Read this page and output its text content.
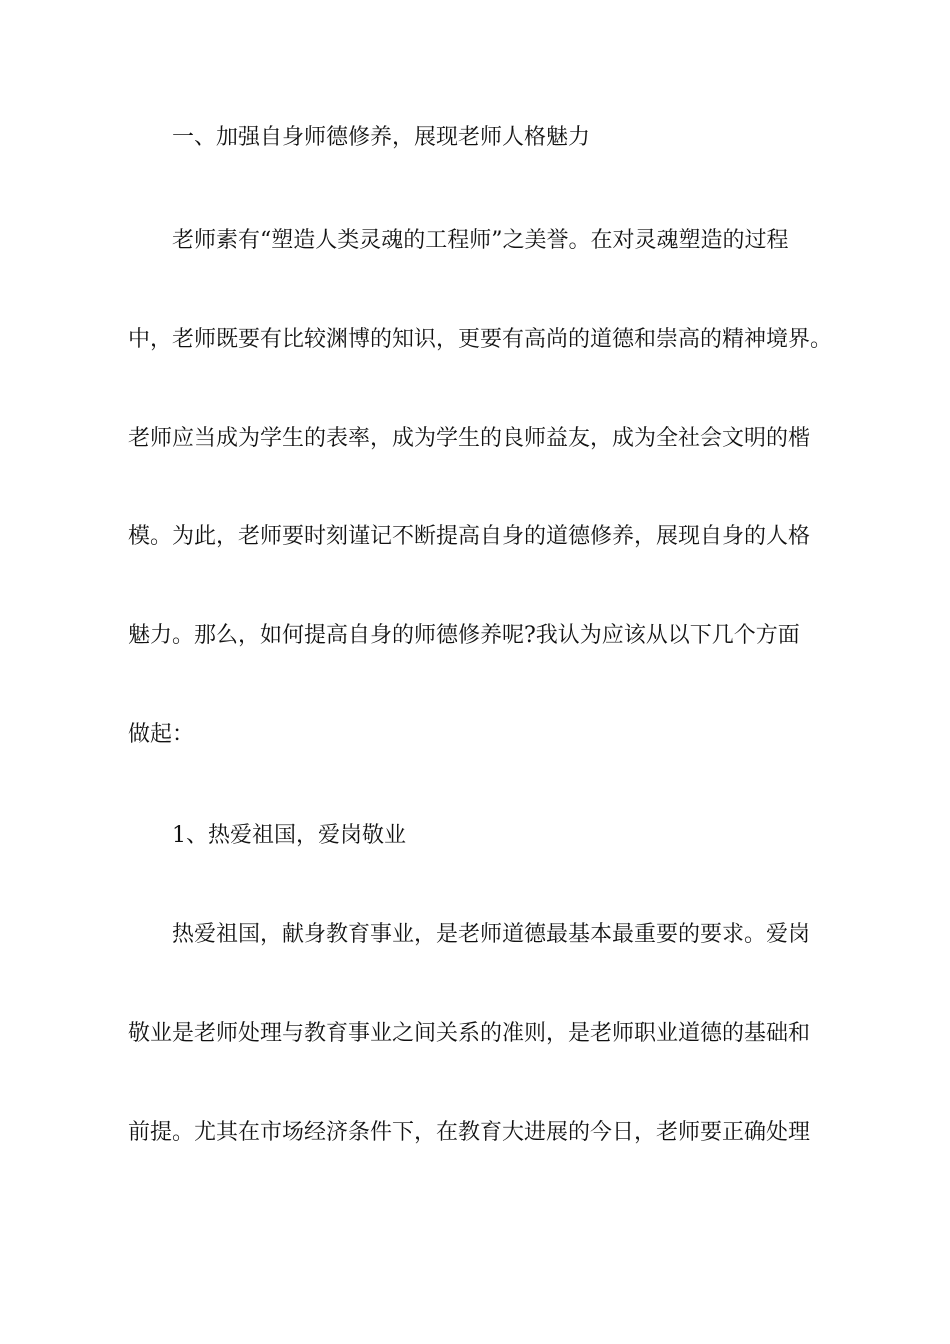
一、加强自身师德修养，展现老师人格魅力
老师素有“塑造人类灵魂的工程师”之美誉。在对灵魂塑造的过程
中，老师既要有比较渊博的知识，更要有高尚的道德和崇高的精神境界。
老师应当成为学生的表率，成为学生的良师益友，成为全社会文明的楷
模。为此，老师要时刻谨记不断提高自身的道德修养，展现自身的人格
魅力。那么，如何提高自身的师德修养呢?我认为应该从以下几个方面
做起：
1、热爱祖国，爱岗敬业
热爱祖国，献身教育事业，是老师道德最基本最重要的要求。爱岗
敬业是老师处理与教育事业之间关系的准则，是老师职业道德的基础和
前提。尤其在市场经济条件下，在教育大进展的今日，老师要正确处理
